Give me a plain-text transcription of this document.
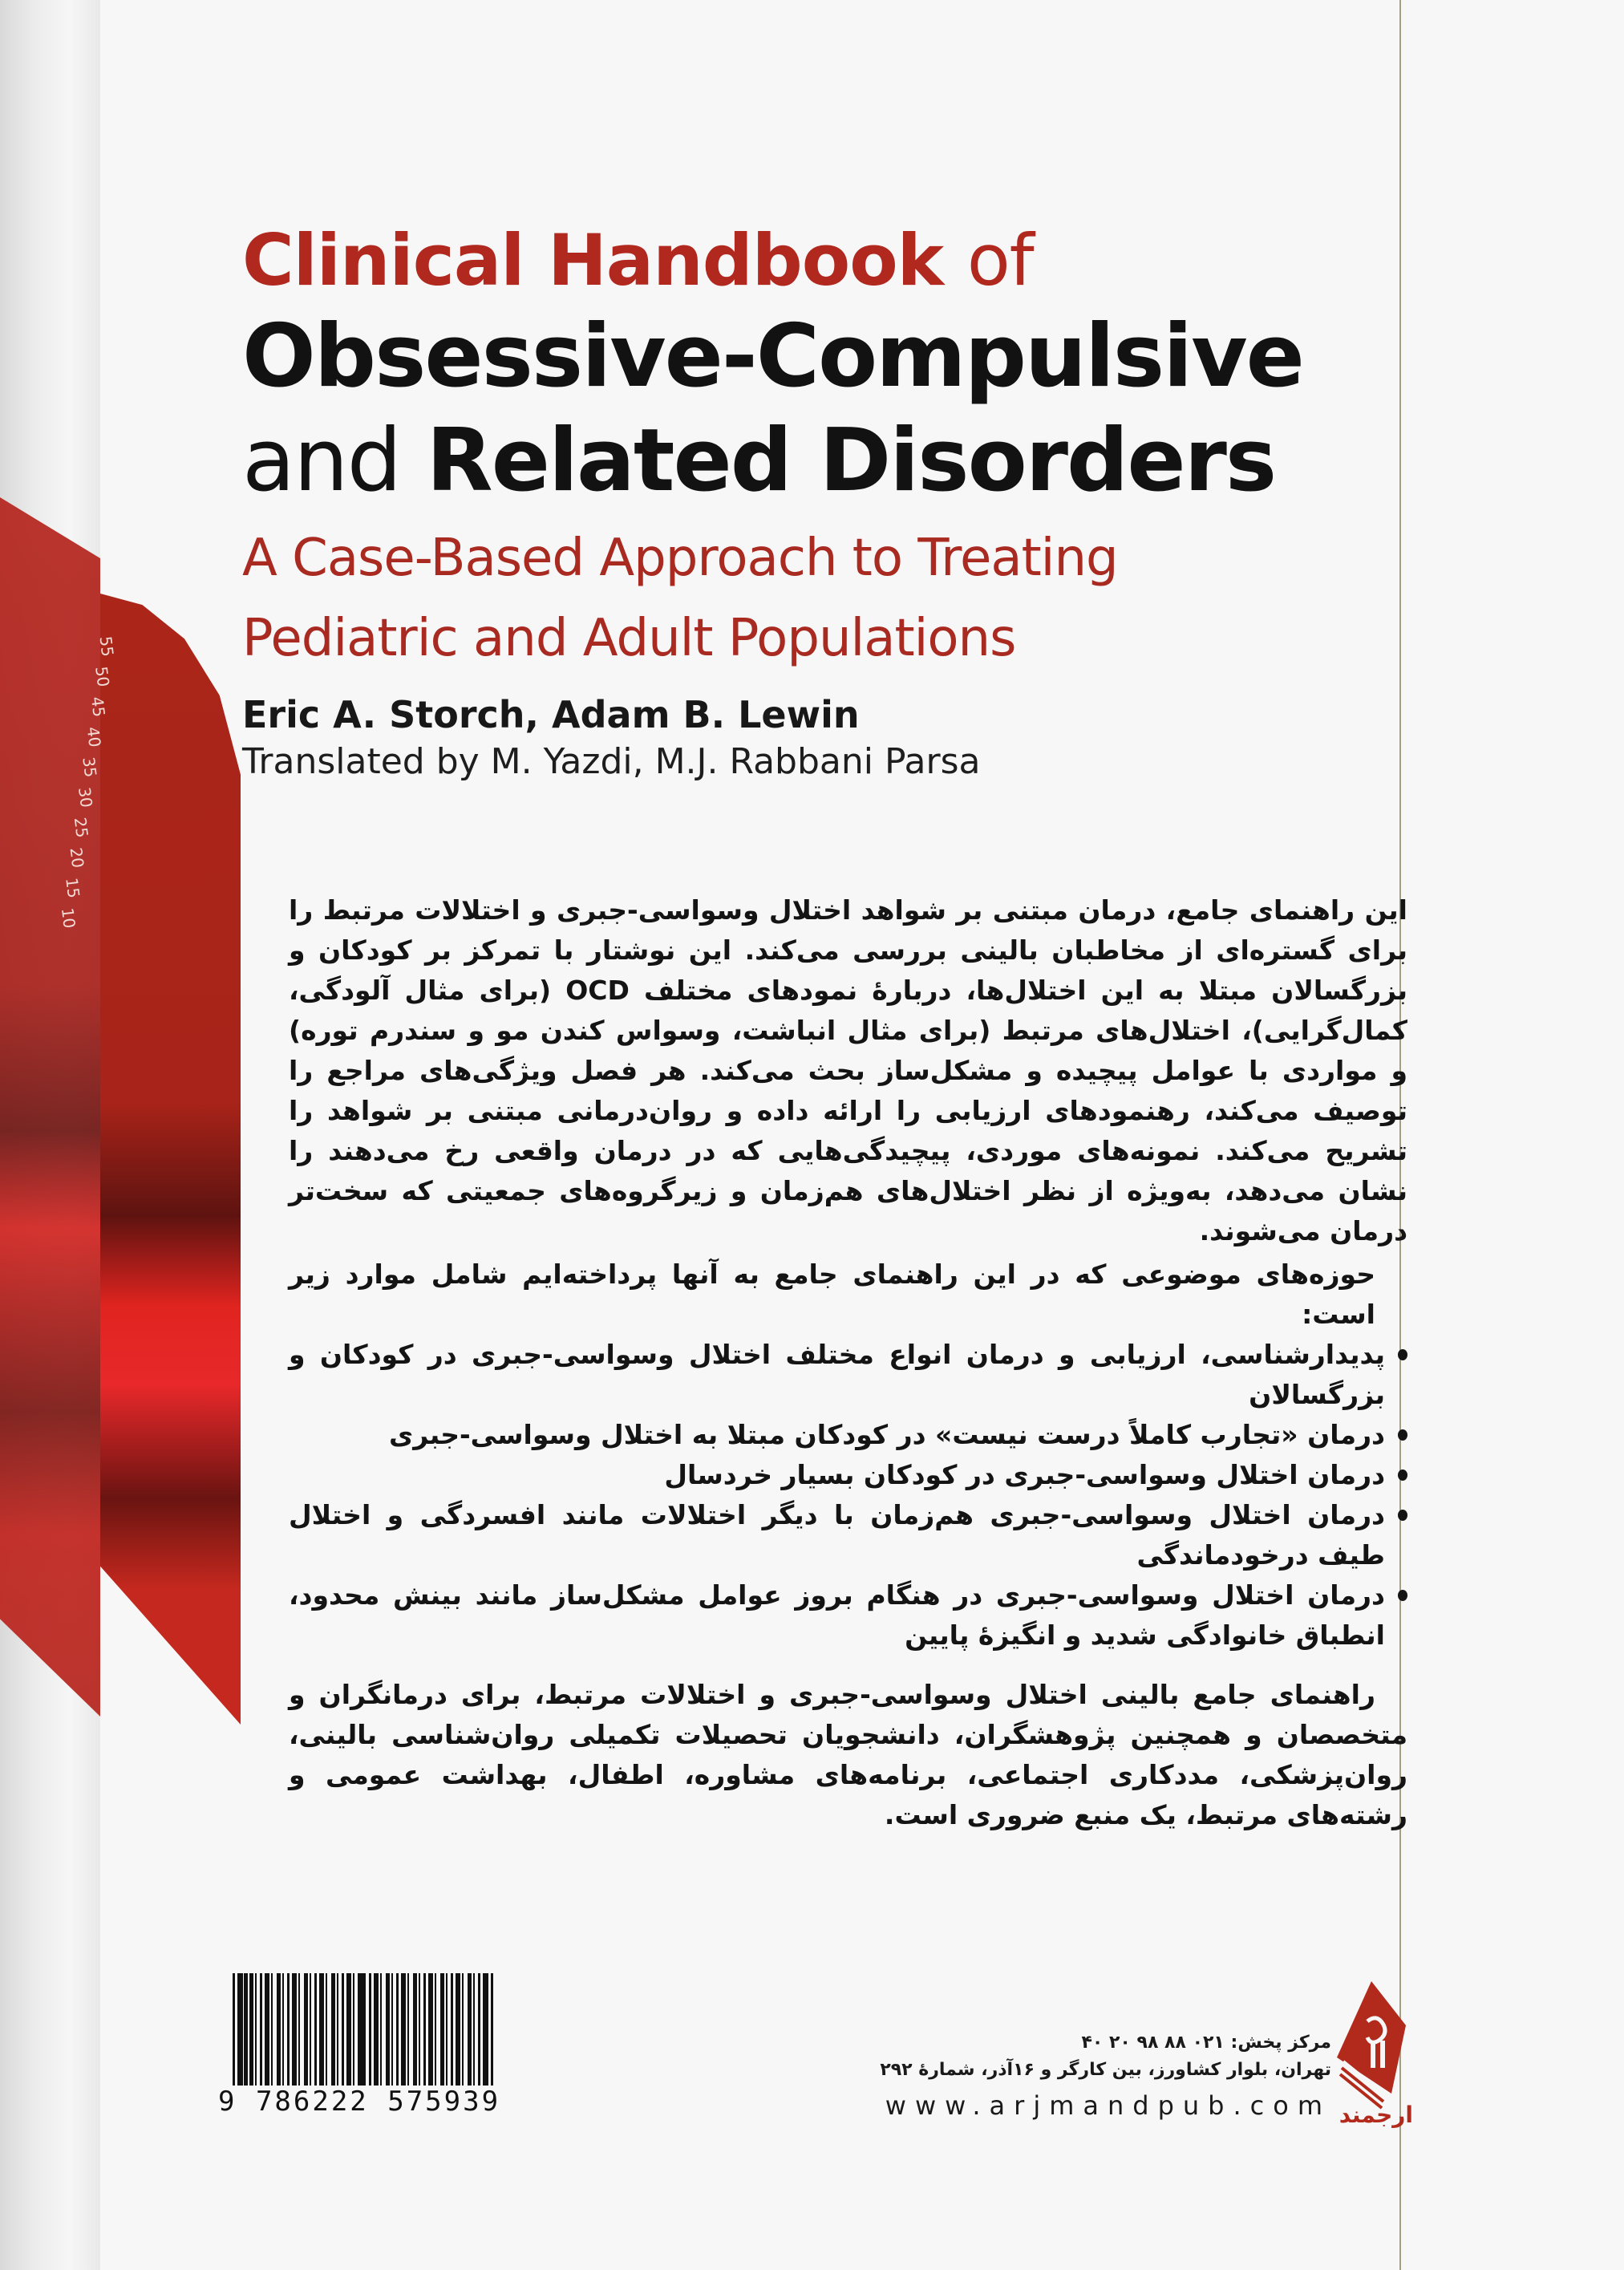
55
50
45
40
35
30
25
20
15
10
Clinical Handbook of
Obsessive-Compulsive
and Related Disorders
A Case-Based Approach to Treating
Pediatric and Adult Populations
Eric A. Storch, Adam B. Lewin
Translated by M. Yazdi, M.J. Rabbani Parsa

این راهنمای جامع، درمان مبتنی بر شواهد اختلال وسواسی-جبری و اختلالات مرتبط را برای گستره‌ای از مخاطبان بالینی بررسی می‌کند. این نوشتار با تمرکز بر کودکان و بزرگسالان مبتلا به این اختلال‌ها، دربارهٔ نمودهای مختلف OCD (برای مثال آلودگی، کمال‌گرایی)، اختلال‌های مرتبط (برای مثال انباشت، وسواس کندن مو و سندرم توره) و مواردی با عوامل پیچیده و مشکل‌ساز بحث می‌کند. هر فصل ویژگی‌های مراجع را توصیف می‌کند، رهنمودهای ارزیابی را ارائه داده و روان‌درمانی مبتنی بر شواهد را تشریح می‌کند. نمونه‌های موردی، پیچیدگی‌هایی که در درمان واقعی رخ می‌دهند را نشان می‌دهد، به‌ویژه از نظر اختلال‌های هم‌زمان و زیرگروه‌های جمعیتی که سخت‌تر درمان می‌شوند.

حوزه‌های موضوعی که در این راهنمای جامع به آنها پرداخته‌ایم شامل موارد زیر است:

پدیدارشناسی، ارزیابی و درمان انواع مختلف اختلال وسواسی-جبری در کودکان و بزرگسالان
درمان «تجارب کاملاً درست نیست» در کودکان مبتلا به اختلال وسواسی-جبری
درمان اختلال وسواسی-جبری در کودکان بسیار خردسال
درمان اختلال وسواسی-جبری هم‌زمان با دیگر اختلالات مانند افسردگی و اختلال طیف درخودماندگی
درمان اختلال وسواسی-جبری در هنگام بروز عوامل مشکل‌ساز مانند بینش محدود، انطباق خانوادگی شدید و انگیزهٔ پایین

راهنمای جامع بالینی اختلال وسواسی-جبری و اختلالات مرتبط، برای درمانگران و متخصصان و همچنین پژوهشگران، دانشجویان تحصیلات تکمیلی روان‌شناسی بالینی، روان‌پزشکی، مددکاری اجتماعی، برنامه‌های مشاوره، اطفال، بهداشت عمومی و رشته‌های مرتبط، یک منبع ضروری است.

9 786222 575939
مرکز پخش: ۰۲۱ ۸۸ ۹۸ ۲۰ ۴۰
تهران، بلوار کشاورز، بین کارگر و ۱۶آذر، شمارهٔ ۲۹۲
www.arjmandpub.com ارجمند
